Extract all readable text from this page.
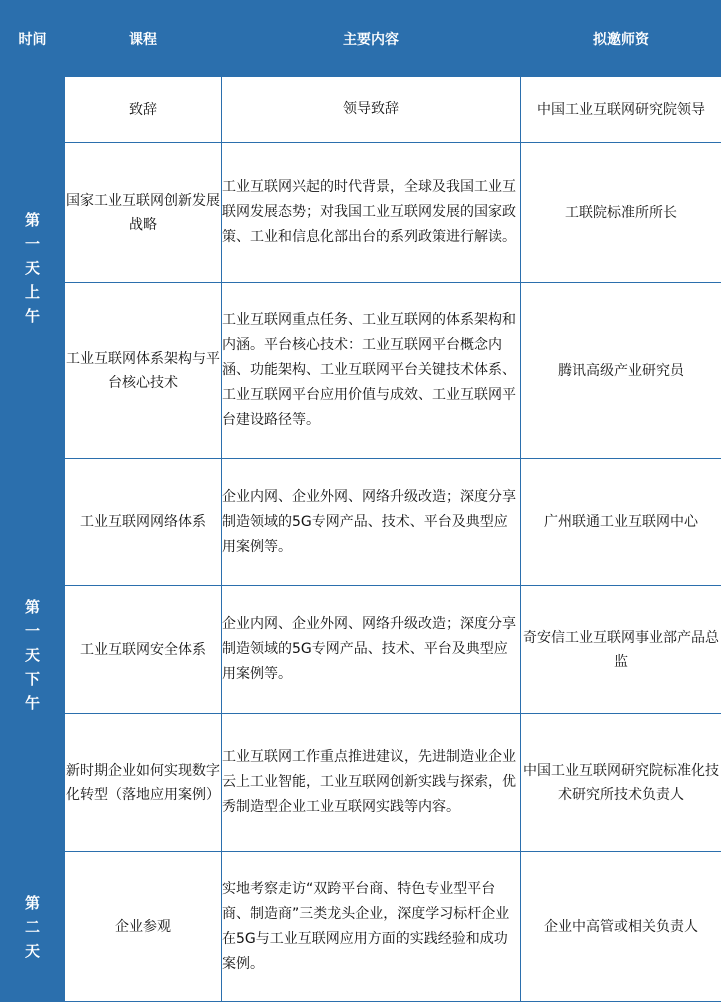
时间	课程	主要内容	拟邀师资

第
一
天
上
午	致辞	领导致辞	中国工业互联网研究院领导
	国家工业互联网创新发展战略	工业互联网兴起的时代背景，全球及我国工业互联网发展态势；对我国工业互联网发展的国家政策、工业和信息化部出台的系列政策进行解读。	工联院标准所所长
	工业互联网体系架构与平台核心技术	工业互联网重点任务、工业互联网的体系架构和内涵。平台核心技术：工业互联网平台概念内涵、功能架构、工业互联网平台关键技术体系、工业互联网平台应用价值与成效、工业互联网平台建设路径等。	腾讯高级产业研究员

第
一
天
下
午	工业互联网网络体系	企业内网、企业外网、网络升级改造；深度分享制造领域的5G专网产品、技术、平台及典型应用案例等。	广州联通工业互联网中心
	工业互联网安全体系	企业内网、企业外网、网络升级改造；深度分享制造领域的5G专网产品、技术、平台及典型应用案例等。	奇安信工业互联网事业部产品总监
	新时期企业如何实现数字化转型（落地应用案例）	工业互联网工作重点推进建议，先进制造业企业云上工业智能，工业互联网创新实践与探索，优秀制造型企业工业互联网实践等内容。	中国工业互联网研究院标准化技术研究所技术负责人

第
二
天	企业参观	实地考察走访“双跨平台商、特色专业型平台商、制造商”三类龙头企业，深度学习标杆企业在5G与工业互联网应用方面的实践经验和成功案例。	企业中高管或相关负责人
